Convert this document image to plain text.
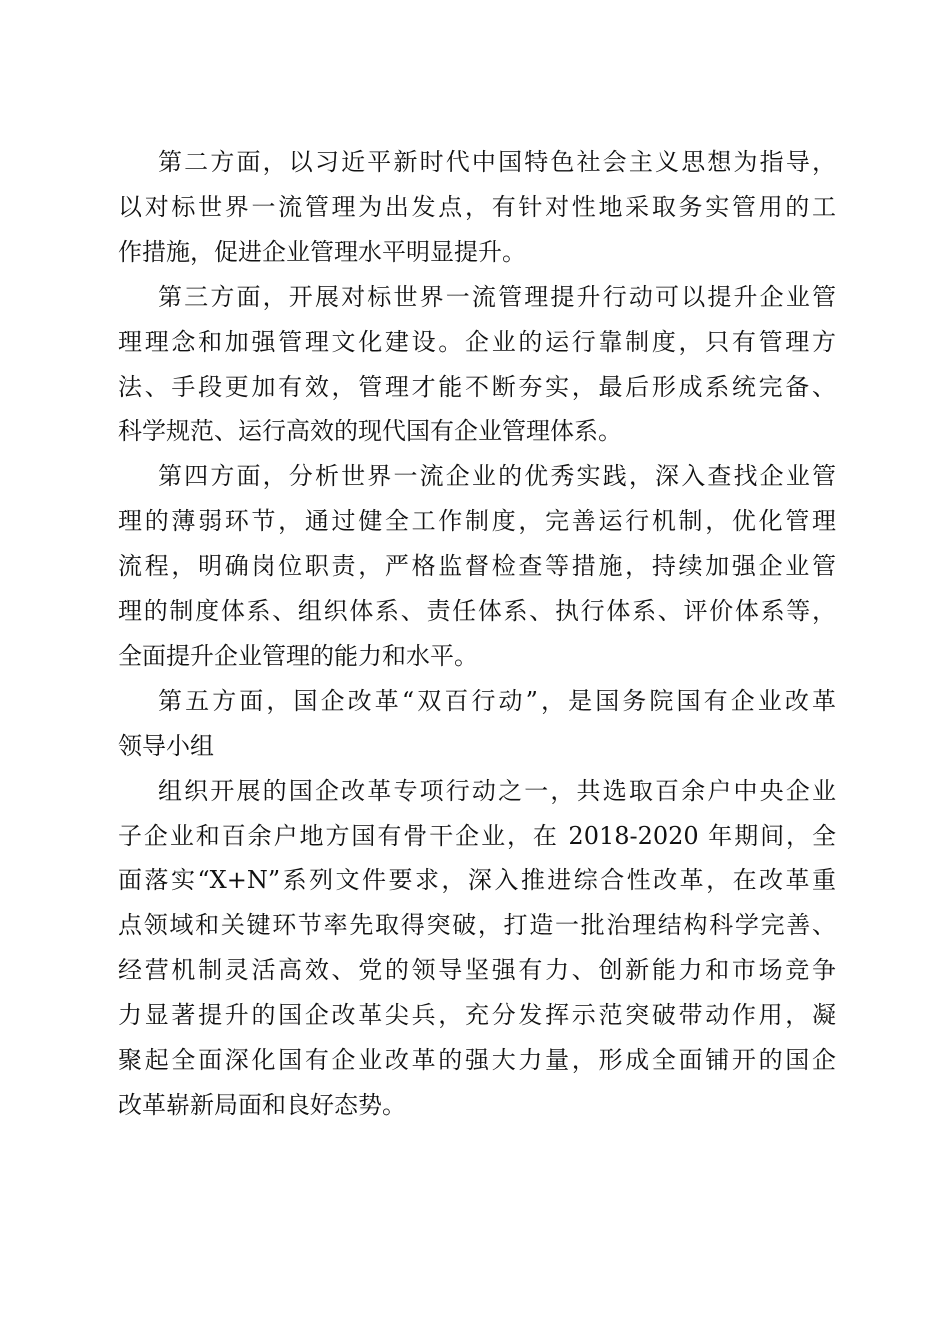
第二方面，以习近平新时代中国特色社会主义思想为指导，
以对标世界一流管理为出发点，有针对性地采取务实管用的工
作措施，促进企业管理水平明显提升。
第三方面，开展对标世界一流管理提升行动可以提升企业管
理理念和加强管理文化建设。企业的运行靠制度，只有管理方
法、手段更加有效，管理才能不断夯实，最后形成系统完备、
科学规范、运行高效的现代国有企业管理体系。
第四方面，分析世界一流企业的优秀实践，深入查找企业管
理的薄弱环节，通过健全工作制度，完善运行机制，优化管理
流程，明确岗位职责，严格监督检查等措施，持续加强企业管
理的制度体系、组织体系、责任体系、执行体系、评价体系等，
全面提升企业管理的能力和水平。
第五方面，国企改革“双百行动”，是国务院国有企业改革
领导小组
组织开展的国企改革专项行动之一，共选取百余户中央企业
子企业和百余户地方国有骨干企业，在 2018-2020 年期间，全
面落实“X+N”系列文件要求，深入推进综合性改革，在改革重
点领域和关键环节率先取得突破，打造一批治理结构科学完善、
经营机制灵活高效、党的领导坚强有力、创新能力和市场竞争
力显著提升的国企改革尖兵，充分发挥示范突破带动作用，凝
聚起全面深化国有企业改革的强大力量，形成全面铺开的国企
改革崭新局面和良好态势。
